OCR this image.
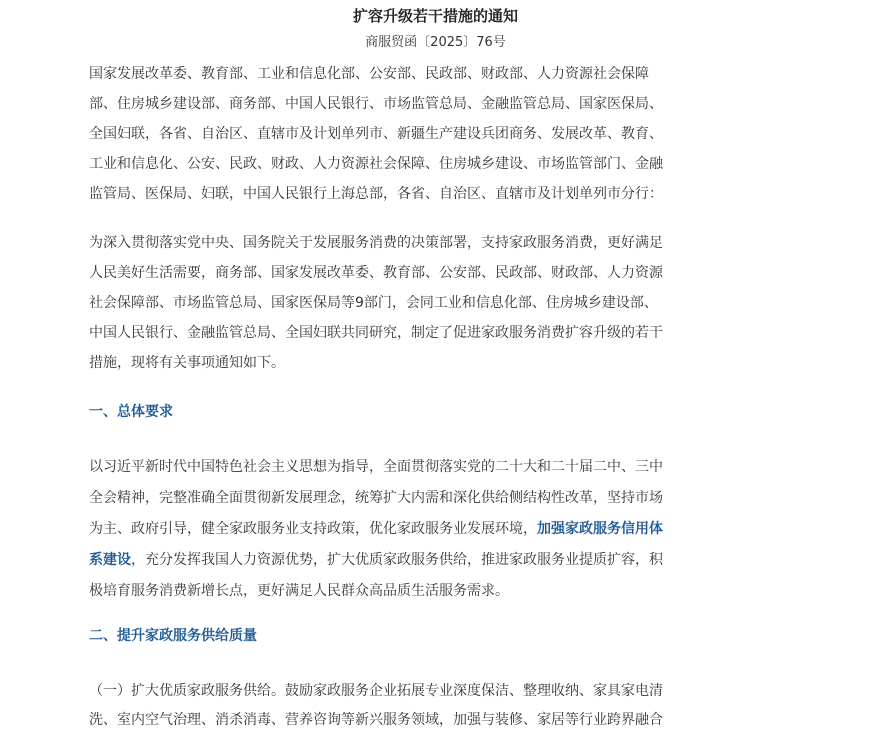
扩容升级若干措施的通知
商服贸函〔2025〕76号
国家发展改革委、教育部、工业和信息化部、公安部、民政部、财政部、人力资源社会保障
部、住房城乡建设部、商务部、中国人民银行、市场监管总局、金融监管总局、国家医保局、
全国妇联，各省、自治区、直辖市及计划单列市、新疆生产建设兵团商务、发展改革、教育、
工业和信息化、公安、民政、财政、人力资源社会保障、住房城乡建设、市场监管部门、金融
监管局、医保局、妇联，中国人民银行上海总部，各省、自治区、直辖市及计划单列市分行：
为深入贯彻落实党中央、国务院关于发展服务消费的决策部署，支持家政服务消费，更好满足
人民美好生活需要，商务部、国家发展改革委、教育部、公安部、民政部、财政部、人力资源
社会保障部、市场监管总局、国家医保局等9部门，会同工业和信息化部、住房城乡建设部、
中国人民银行、金融监管总局、全国妇联共同研究，制定了促进家政服务消费扩容升级的若干
措施，现将有关事项通知如下。
一、总体要求
以习近平新时代中国特色社会主义思想为指导，全面贯彻落实党的二十大和二十届二中、三中
全会精神，完整准确全面贯彻新发展理念，统筹扩大内需和深化供给侧结构性改革，坚持市场
为主、政府引导，健全家政服务业支持政策，优化家政服务业发展环境，加强家政服务信用体
系建设，充分发挥我国人力资源优势，扩大优质家政服务供给，推进家政服务业提质扩容，积
极培育服务消费新增长点，更好满足人民群众高品质生活服务需求。
二、提升家政服务供给质量
（一）扩大优质家政服务供给。鼓励家政服务企业拓展专业深度保洁、整理收纳、家具家电清
洗、室内空气治理、消杀消毒、营养咨询等新兴服务领域，加强与装修、家居等行业跨界融合
